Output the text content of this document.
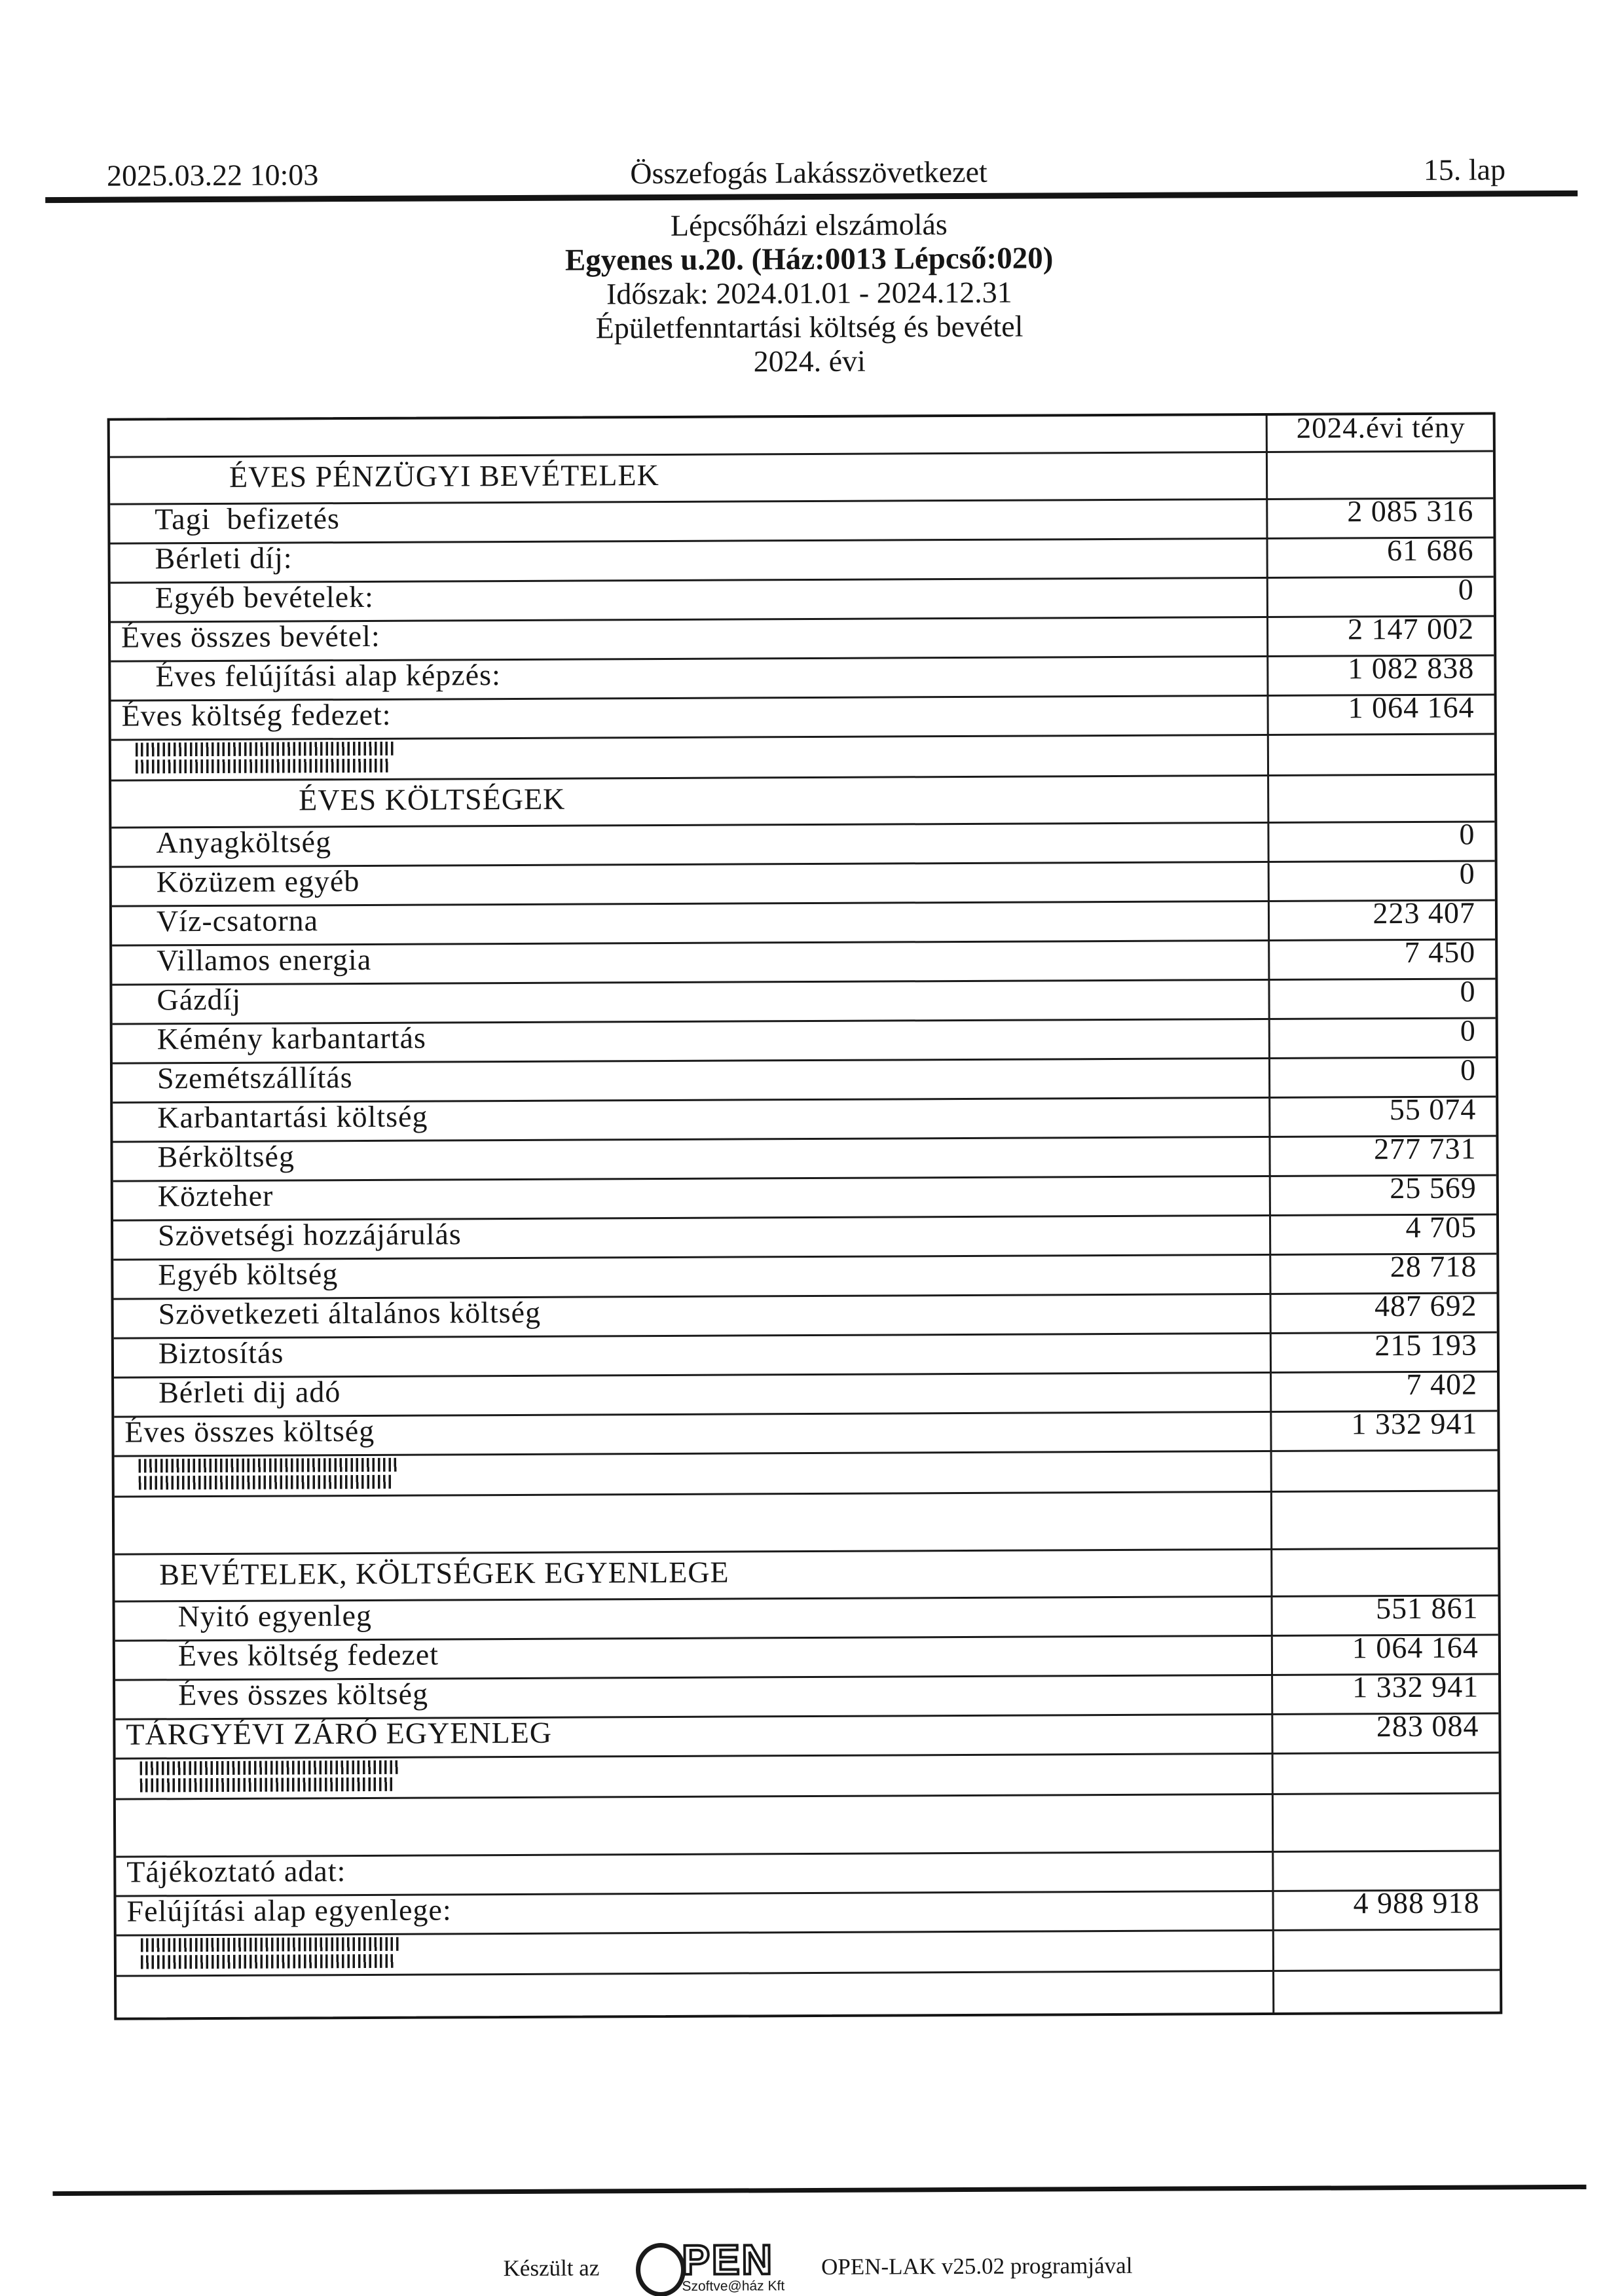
2025.03.22 10:03	Összefogás Lakásszövetkezet	15. lap
Lépcsőházi elszámolás
Egyenes u.20. (Ház:0013 Lépcső:020)
Időszak: 2024.01.01 - 2024.12.31
Épületfenntartási költség és bevétel
2024. évi
2024.évi tény
ÉVES PÉNZÜGYI BEVÉTELEK
Tagi  befizetés	2 085 316
Bérleti díj:	61 686
Egyéb bevételek:	0
Éves összes bevétel:	2 147 002
Éves felújítási alap képzés:	1 082 838
Éves költség fedezet:	1 064 164
ÉVES KÖLTSÉGEK
Anyagköltség	0
Közüzem egyéb	0
Víz-csatorna	223 407
Villamos energia	7 450
Gázdíj	0
Kémény karbantartás	0
Szemétszállítás	0
Karbantartási költség	55 074
Bérköltség	277 731
Közteher	25 569
Szövetségi hozzájárulás	4 705
Egyéb költség	28 718
Szövetkezeti általános költség	487 692
Biztosítás	215 193
Bérleti dij adó	7 402
Éves összes költség	1 332 941
BEVÉTELEK, KÖLTSÉGEK EGYENLEGE
Nyitó egyenleg	551 861
Éves költség fedezet	1 064 164
Éves összes költség	1 332 941
TÁRGYÉVI ZÁRÓ EGYENLEG	283 084
Tájékoztató adat:
Felújítási alap egyenlege:	4 988 918
Készült az PEN
Szoftve@ház Kft
OPEN-LAK v25.02 programjával
